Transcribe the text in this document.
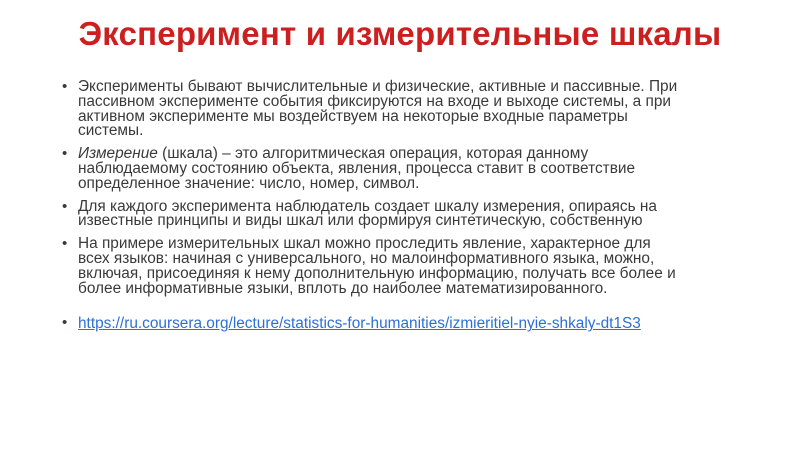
Эксперимент и измерительные шкалы
• Эксперименты бывают вычислительные и физические, активные и пассивные. При пассивном эксперименте события фиксируются на входе и выходе системы, а при активном эксперименте мы воздействуем на некоторые входные параметры системы.
• Измерение (шкала) – это алгоритмическая операция, которая данному наблюдаемому состоянию объекта, явления, процесса ставит в соответствие определенное значение: число, номер, символ.
• Для каждого эксперимента наблюдатель создает шкалу измерения, опираясь на известные принципы и виды шкал или формируя синтетическую, собственную
• На примере измерительных шкал можно проследить явление, характерное для всех языков: начиная с универсального, но малоинформативного языка, можно, включая, присоединяя к нему дополнительную информацию, получать все более и более информативные языки, вплоть до наиболее математизированного.
• https://ru.coursera.org/lecture/statistics-for-humanities/izmieritiel-nyie-shkaly-dt1S3
